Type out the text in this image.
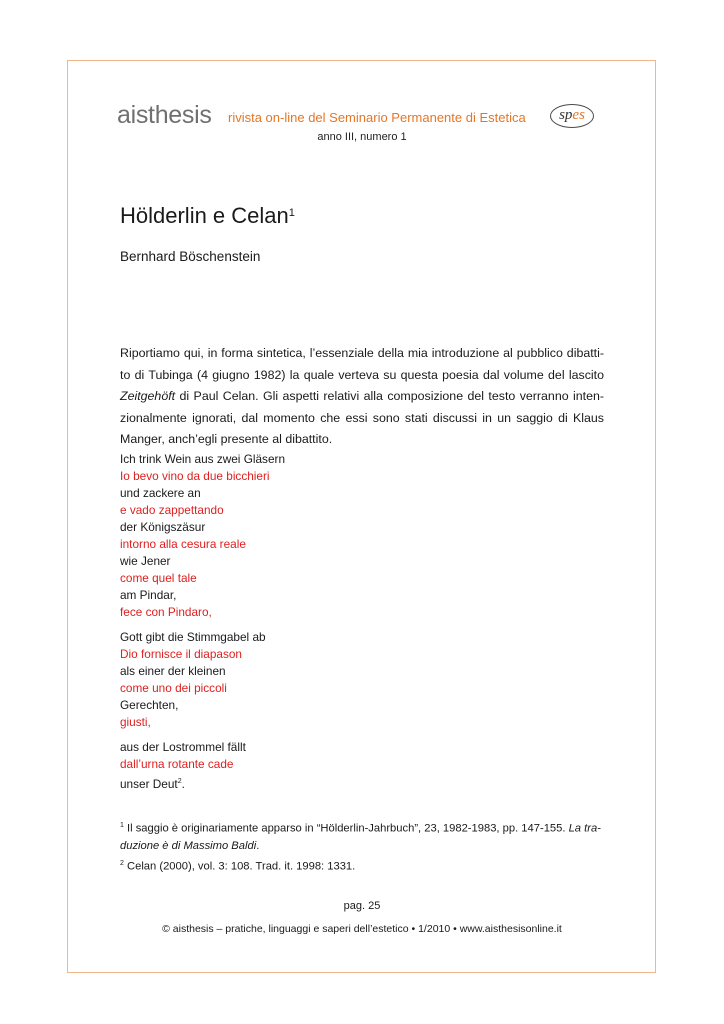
aisthesis rivista on-line del Seminario Permanente di Estetica
anno III, numero 1
spes
Hölderlin e Celan$^1$
Bernhard Böschenstein
Riportiamo qui, in forma sintetica, l’essenziale della mia introduzione al pubblico dibatti-to di Tubinga (4 giugno 1982) la quale verteva su questa poesia dal volume del lascito Zeitgehöft di Paul Celan. Gli aspetti relativi alla composizione del testo verranno inten-zionalmente ignorati, dal momento che essi sono stati discussi in un saggio di Klaus Manger, anch’egli presente al dibattito.
Ich trink Wein aus zwei Gläsern
Io bevo vino da due bicchieri
und zackere an
e vado zappettando
der Königszäsur
intorno alla cesura reale
wie Jener
come quel tale
am Pindar,
fece con Pindaro,
Gott gibt die Stimmgabel ab
Dio fornisce il diapason
als einer der kleinen
come uno dei piccoli
Gerechten,
giusti,
aus der Lostrommel fällt
dall’urna rotante cade
unser Deut$^2$.
$^1$ Il saggio è originariamente apparso in “Hölderlin-Jahrbuch”, 23, 1982-1983, pp. 147-155. La tra-duzione è di Massimo Baldi.
$^2$ Celan (2000), vol. 3: 108. Trad. it. 1998: 1331.
pag. 25
© aisthesis – pratiche, linguaggi e saperi dell’estetico • 1/2010 • www.aisthesisonline.it
